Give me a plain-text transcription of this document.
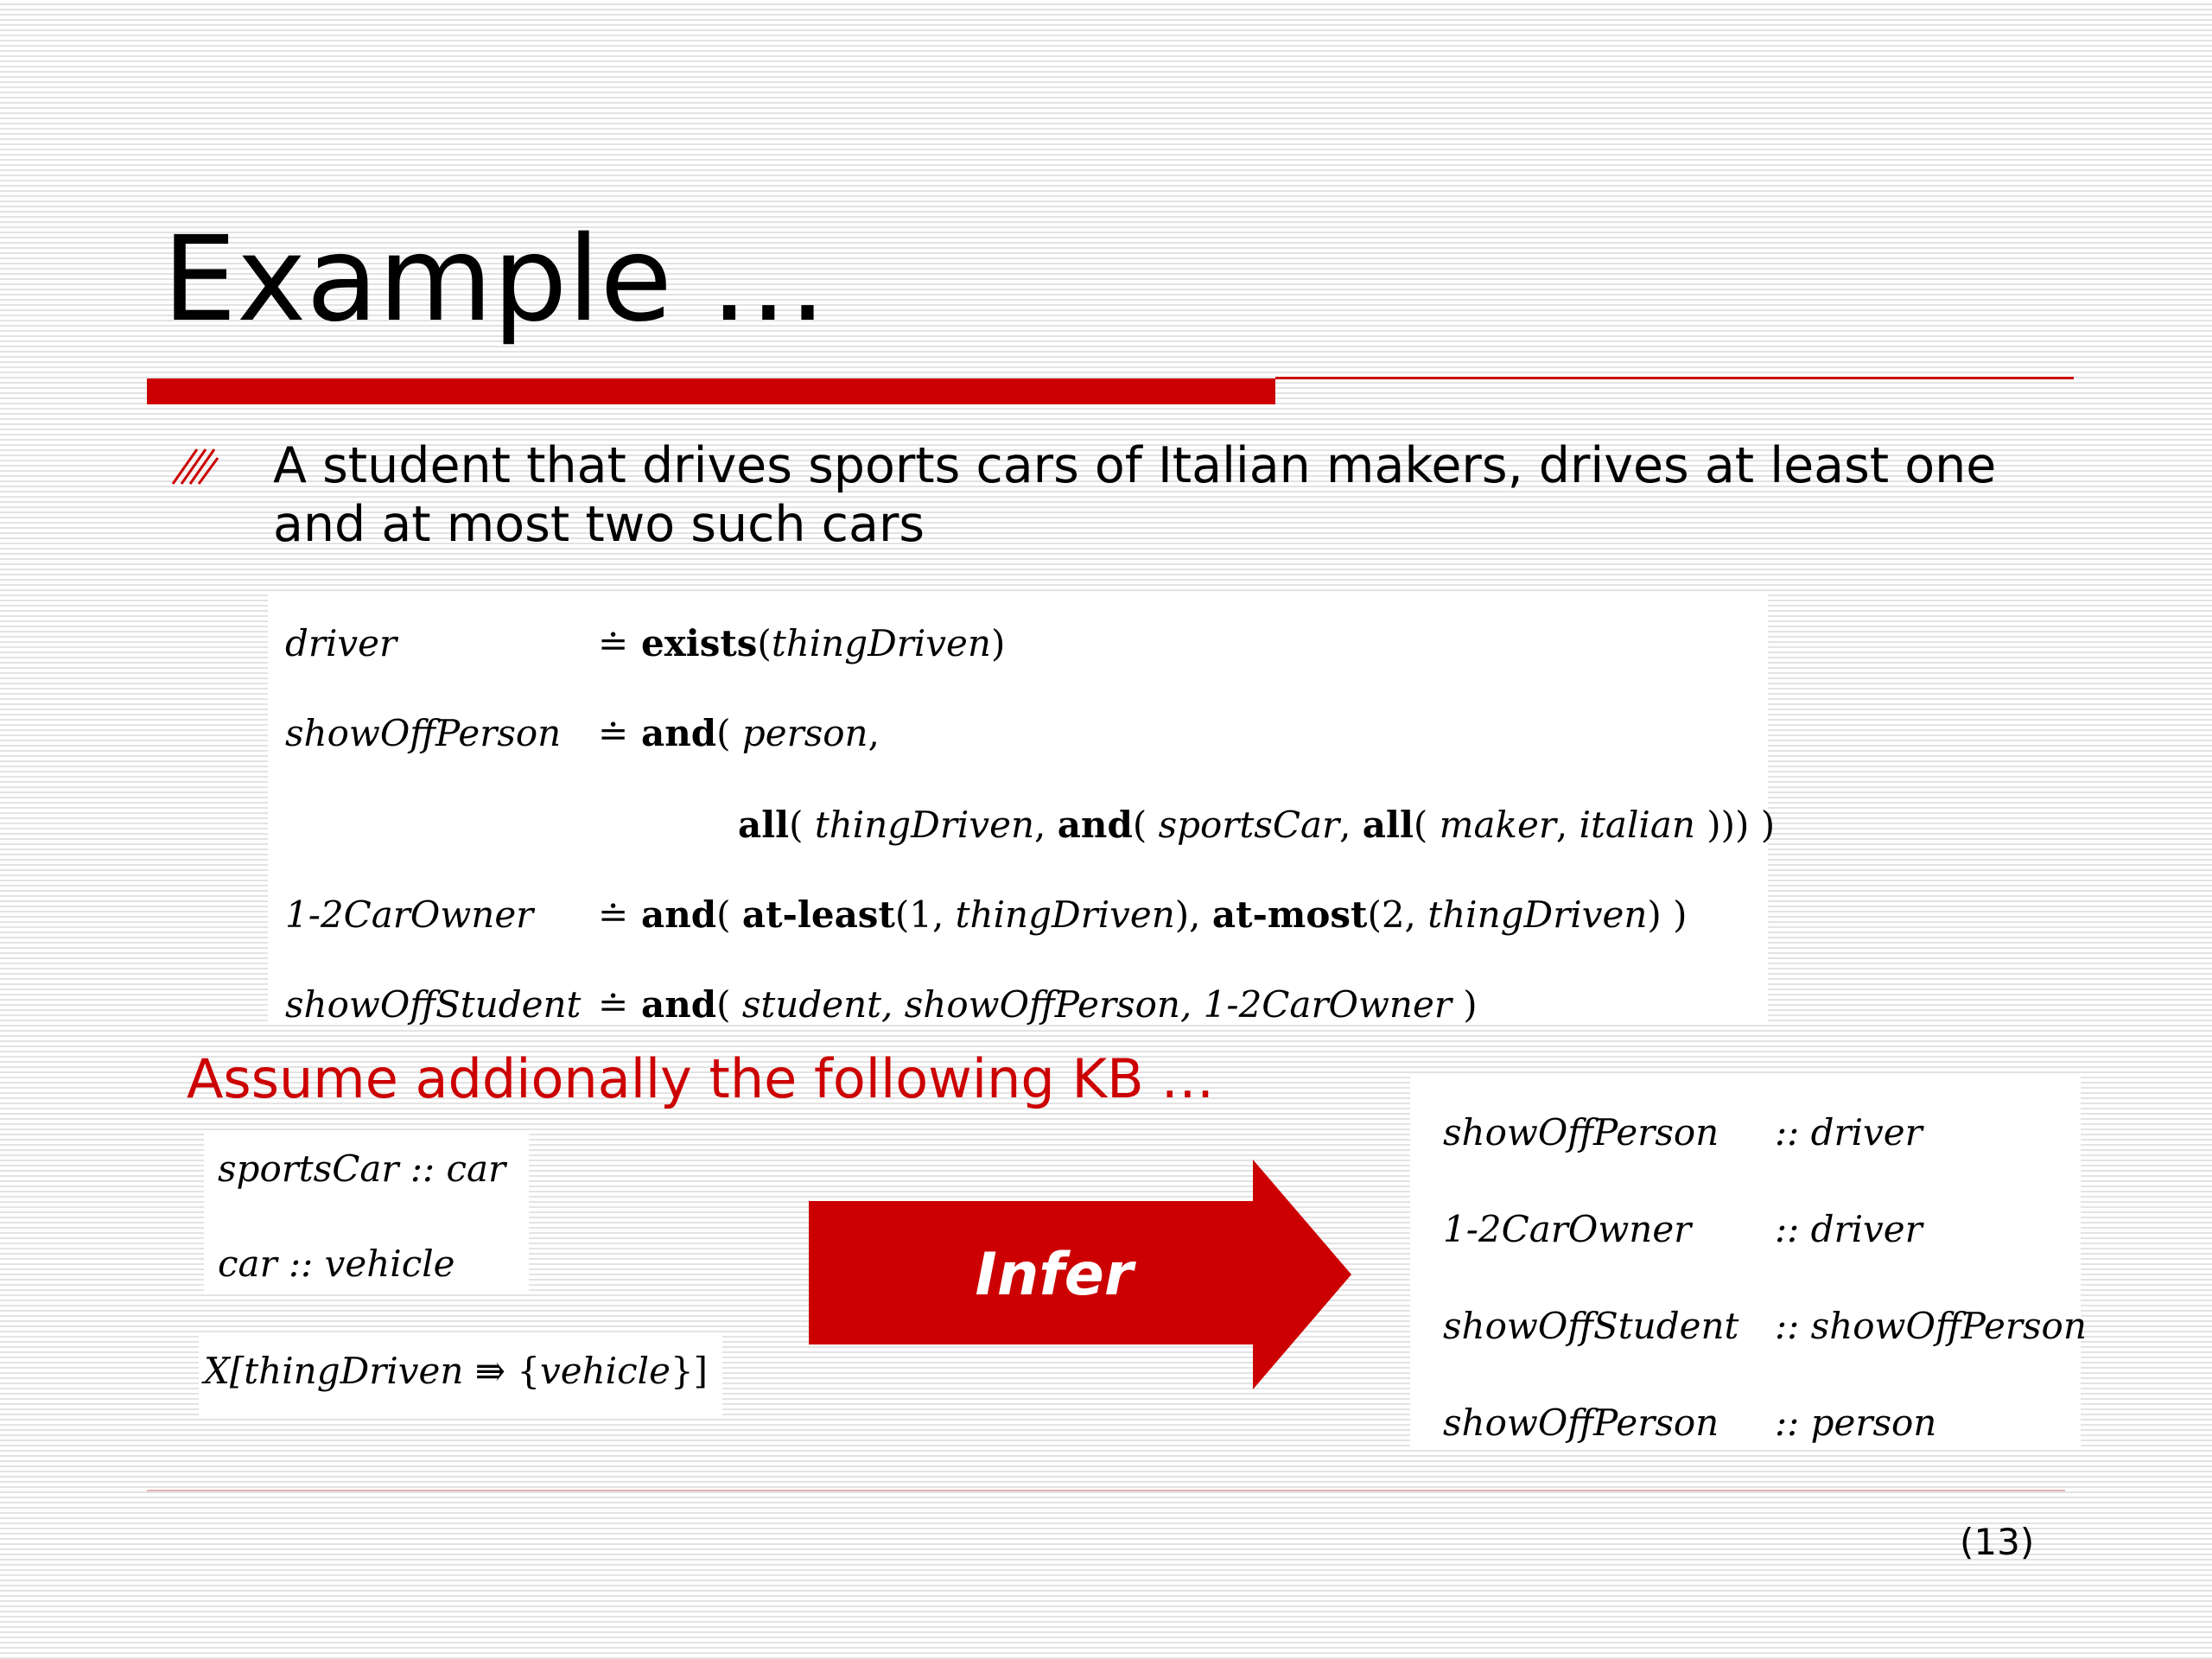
Example …
A student that drives sports cars of Italian makers, drives at least one and at most two such cars
driver	≐ exists(thingDriven)
showOffPerson	≐ and( person,
all ( thingDriven , and ( sportsCar , all ( maker , italian ))) )
1-2CarOwner	≐ and( at-least(1, thingDriven), at-most(2, thingDriven) )
showOffStudent ≐ and( student, showOffPerson, 1-2CarOwner )
Assume addionally the following KB …
sportsCar :: car
car :: vehicle
X[thingDriven ⇛ {vehicle}]
Infer
showOffPerson	:: driver
1-2CarOwner	:: driver
showOffStudent :: showOffPerson
showOffPerson	:: person
(13)
